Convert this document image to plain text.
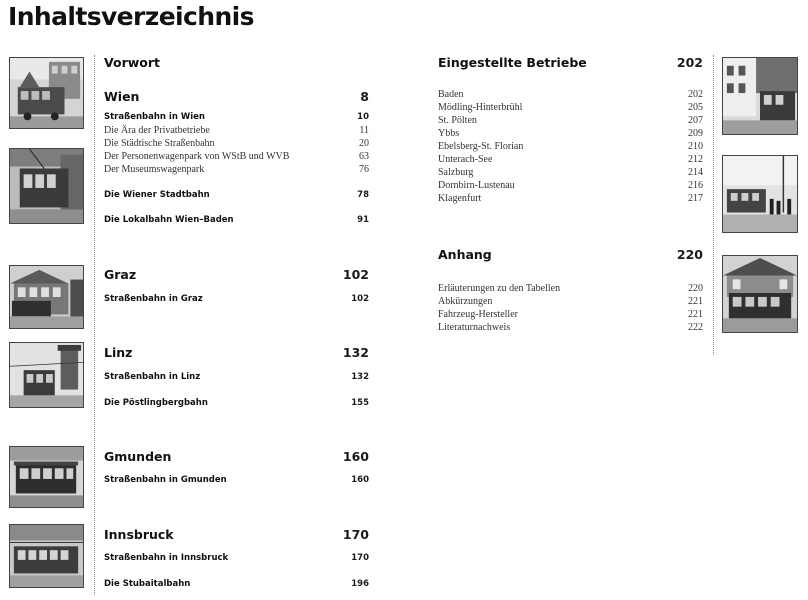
Inhaltsverzeichnis
Vorwort
Wien	8
Straßenbahn in Wien	10
Die Ära der Privatbetriebe	11
Die Städtische Straßenbahn	20
Der Personenwagenpark von WStB und WVB	63
Der Museumswagenpark	76
Die Wiener Stadtbahn	78
Die Lokalbahn Wien–Baden	91
Graz	102
Straßenbahn in Graz	102
Linz	132
Straßenbahn in Linz	132
Die Pöstlingbergbahn	155
Gmunden	160
Straßenbahn in Gmunden	160
Innsbruck	170
Straßenbahn in Innsbruck	170
Die Stubaitalbahn	196
Eingestellte Betriebe	202
Baden	202
Mödling-Hinterbrühl	205
St. Pölten	207
Ybbs	209
Ebelsberg-St. Florian	210
Unterach-See	212
Salzburg	214
Dornbirn-Lustenau	216
Klagenfurt	217
Anhang	220
Erläuterungen zu den Tabellen	220
Abkürzungen	221
Fahrzeug-Hersteller	221
Literaturnachweis	222
